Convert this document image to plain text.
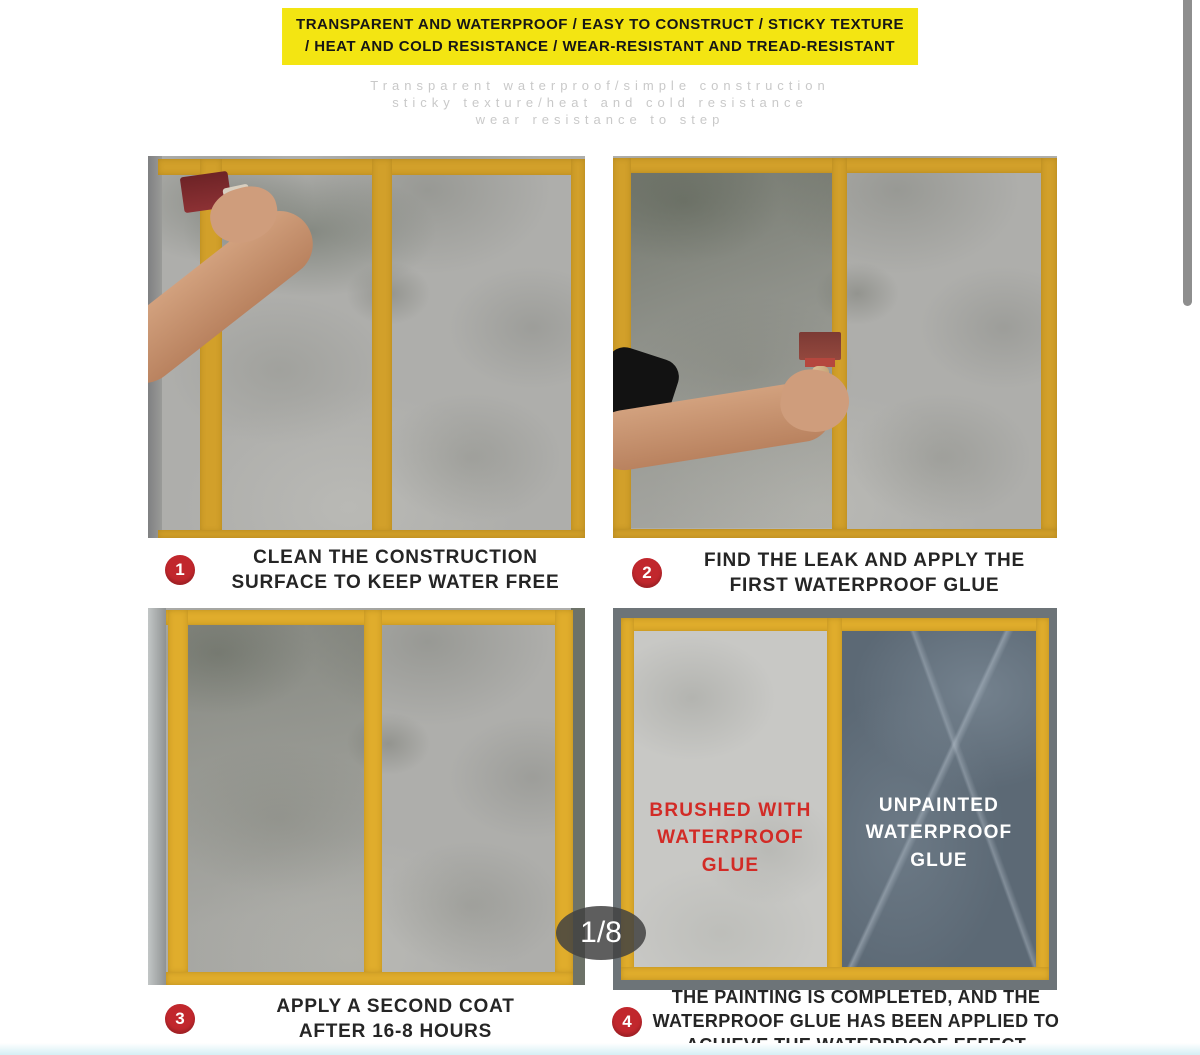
TRANSPARENT AND WATERPROOF / EASY TO CONSTRUCT / STICKY TEXTURE
/ HEAT AND COLD RESISTANCE / WEAR-RESISTANT AND TREAD-RESISTANT
Transparent waterproof/simple construction
sticky texture/heat and cold resistance
wear resistance to step
1
CLEAN THE CONSTRUCTION
SURFACE TO KEEP WATER FREE	2
FIND THE LEAK AND APPLY THE
FIRST WATERPROOF GLUE
BRUSHED WITH
WATERPROOF
GLUE
UNPAINTED
WATERPROOF
GLUE
3
APPLY A SECOND COAT
AFTER 16-8 HOURS	4
THE PAINTING IS COMPLETED, AND THE
WATERPROOF GLUE HAS BEEN APPLIED TO
1/8
